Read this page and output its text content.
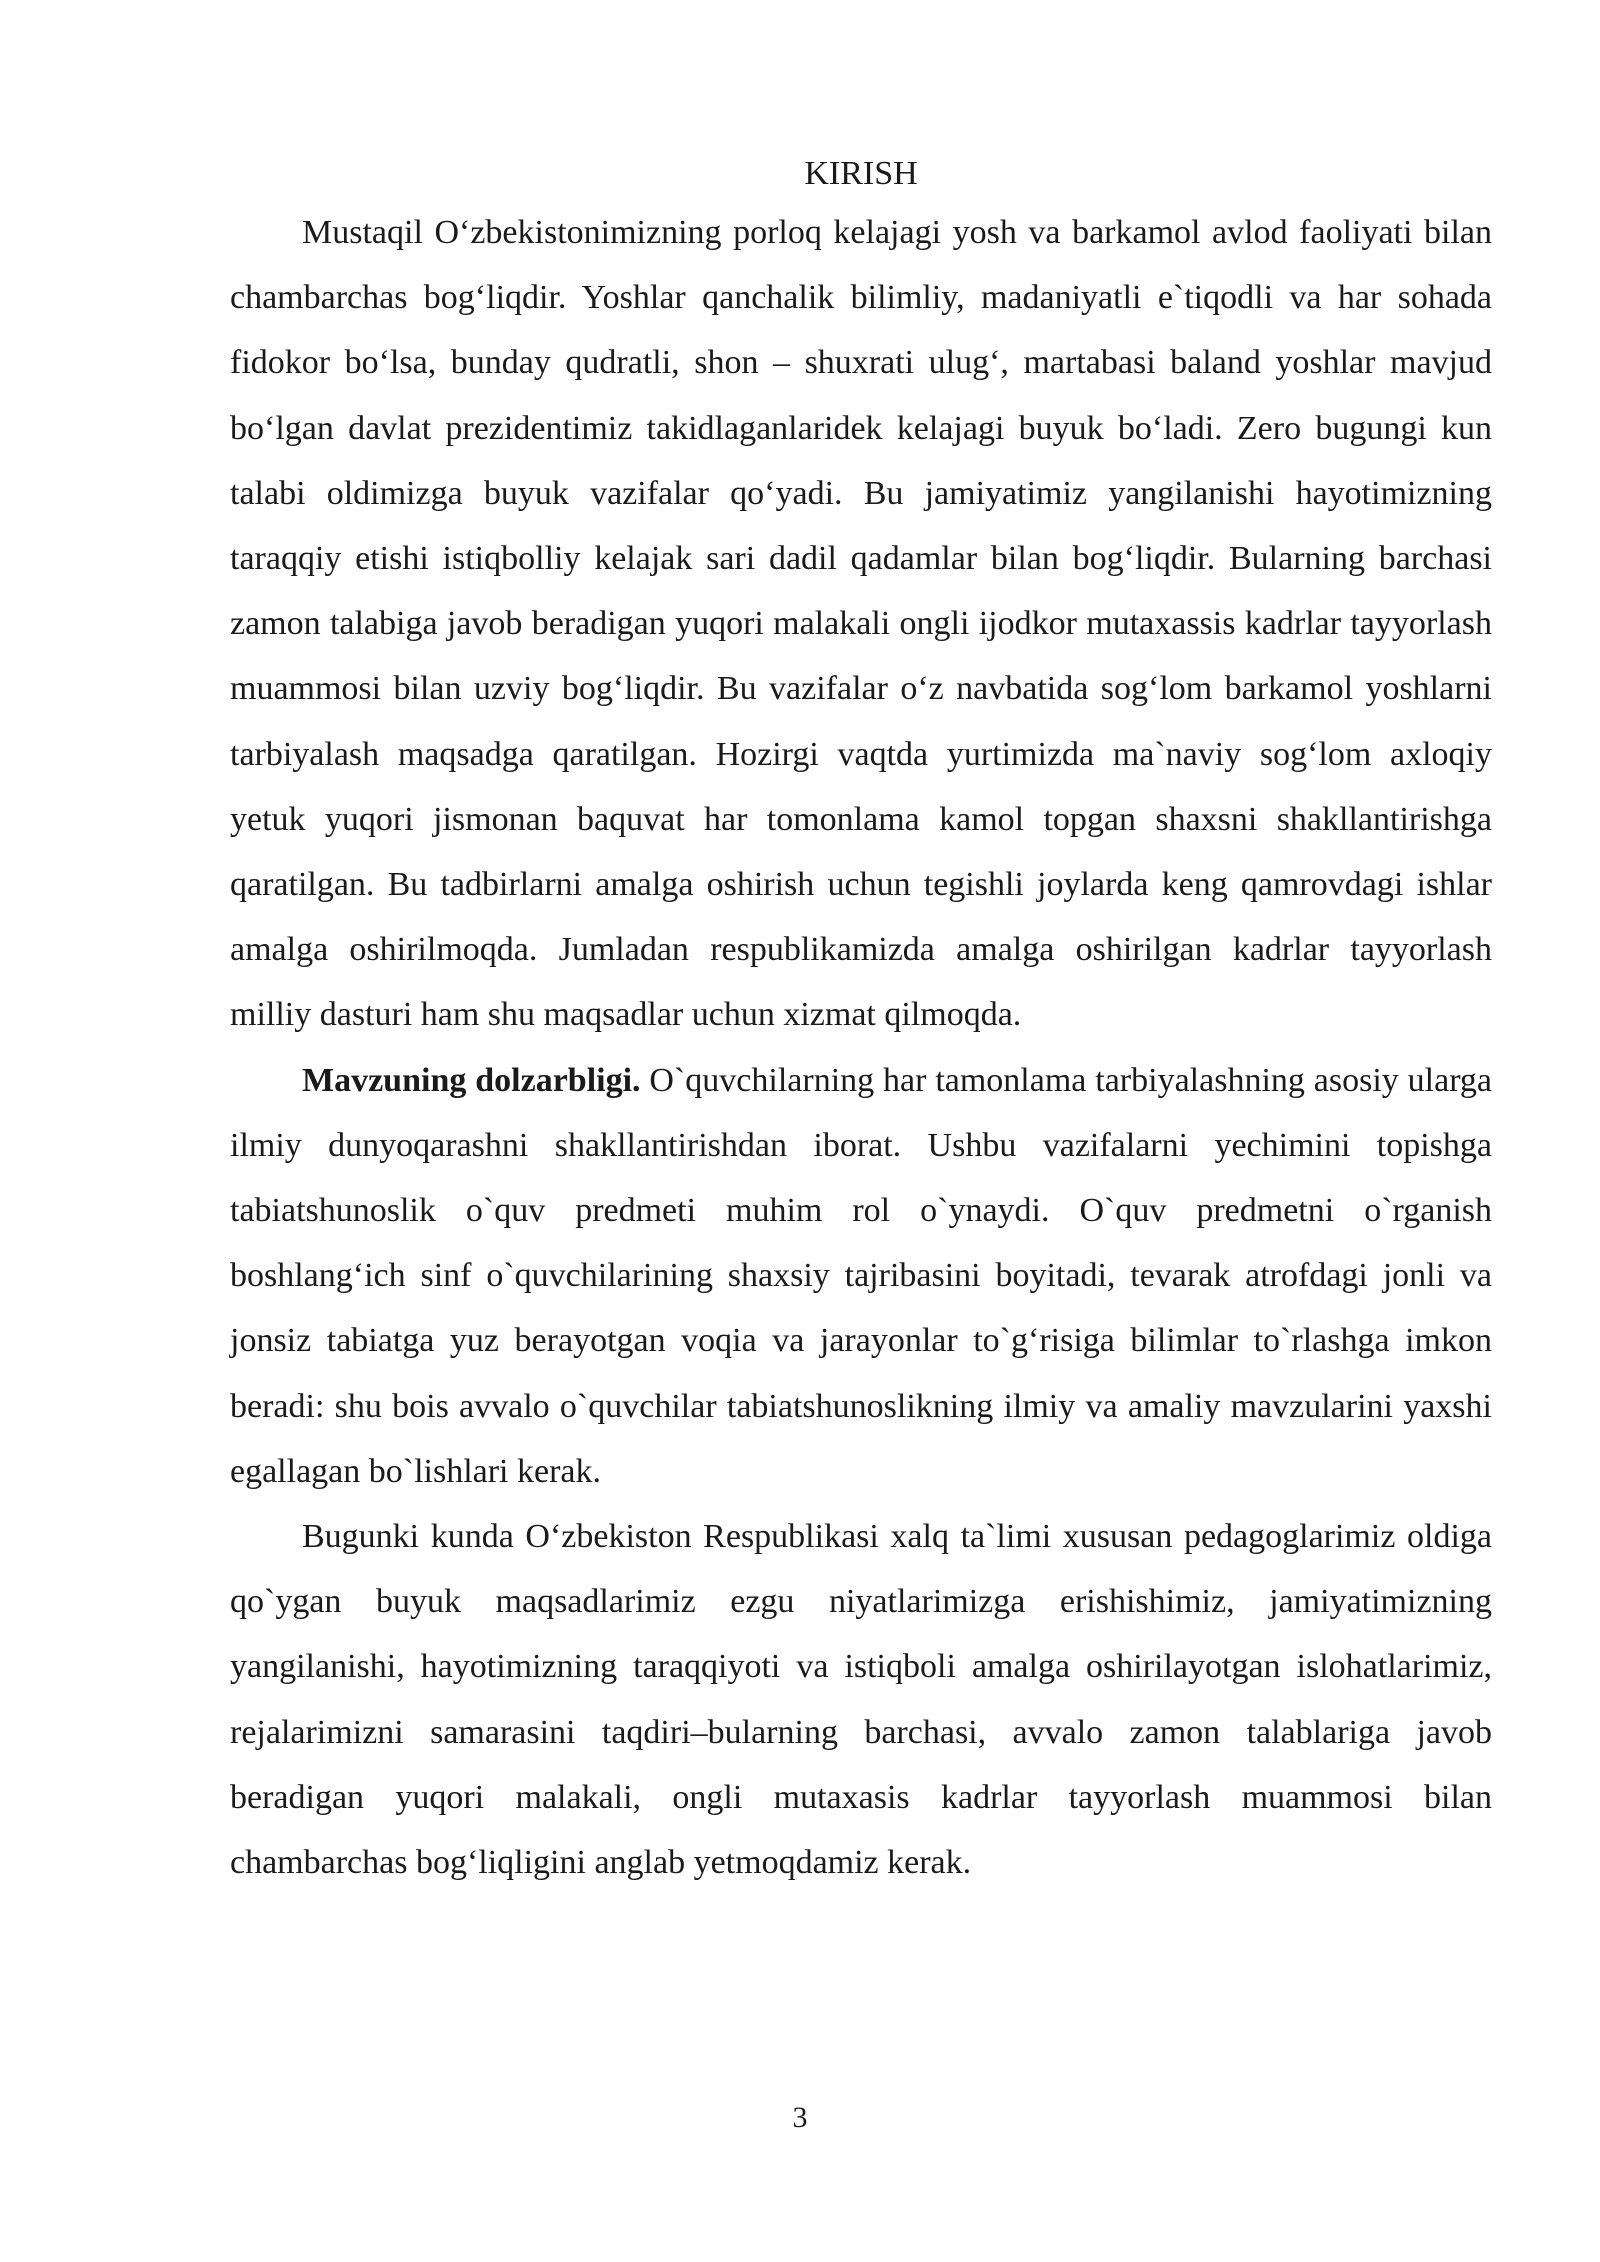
KIRISH

Mustaqil O‘zbekistonimizning porloq kelajagi yosh va barkamol avlod faoliyati bilan chambarchas bog‘liqdir. Yoshlar qanchalik bilimliy, madaniyatli e`tiqodli va har sohada fidokor bo‘lsa, bunday qudratli, shon – shuxrati ulug‘, martabasi baland yoshlar mavjud bo‘lgan davlat prezidentimiz takidlaganlaridek kelajagi buyuk bo‘ladi. Zero bugungi kun talabi oldimizga buyuk vazifalar qo‘yadi. Bu jamiyatimiz yangilanishi hayotimizning taraqqiy etishi istiqbolliy kelajak sari dadil qadamlar bilan bog‘liqdir. Bularning barchasi zamon talabiga javob beradigan yuqori malakali ongli ijodkor mutaxassis kadrlar tayyorlash muammosi bilan uzviy bog‘liqdir. Bu vazifalar o‘z navbatida sog‘lom barkamol yoshlarni tarbiyalash maqsadga qaratilgan. Hozirgi vaqtda yurtimizda ma`naviy sog‘lom axloqiy yetuk yuqori jismonan baquvat har tomonlama kamol topgan shaxsni shakllantirishga qaratilgan. Bu tadbirlarni amalga oshirish uchun tegishli joylarda keng qamrovdagi ishlar amalga oshirilmoqda. Jumladan respublikamizda amalga oshirilgan kadrlar tayyorlash milliy dasturi ham shu maqsadlar uchun xizmat qilmoqda.

Mavzuning dolzarbligi. O`quvchilarning har tamonlama tarbiyalashning asosiy ularga ilmiy dunyoqarashni shakllantirishdan iborat. Ushbu vazifalarni yechimini topishga tabiatshunoslik o`quv predmeti muhim rol o`ynaydi. O`quv predmetni o`rganish boshlang‘ich sinf o`quvchilarining shaxsiy tajribasini boyitadi, tevarak atrofdagi jonli va jonsiz tabiatga yuz berayotgan voqia va jarayonlar to`g‘risiga bilimlar to`rlashga imkon beradi: shu bois avvalo o`quvchilar tabiatshunoslikning ilmiy va amaliy mavzularini yaxshi egallagan bo`lishlari kerak.

Bugunki kunda O‘zbekiston Respublikasi xalq ta`limi xususan pedagoglarimiz oldiga qo`ygan buyuk maqsadlarimiz ezgu niyatlarimizga erishishimiz, jamiyatimizning yangilanishi, hayotimizning taraqqiyoti va istiqboli amalga oshirilayotgan islohatlarimiz, rejalarimizni samarasini taqdiri–bularning barchasi, avvalo zamon talablariga javob beradigan yuqori malakali, ongli mutaxasis kadrlar tayyorlash muammosi bilan chambarchas bog‘liqligini anglab yetmoqdamiz kerak.

3
